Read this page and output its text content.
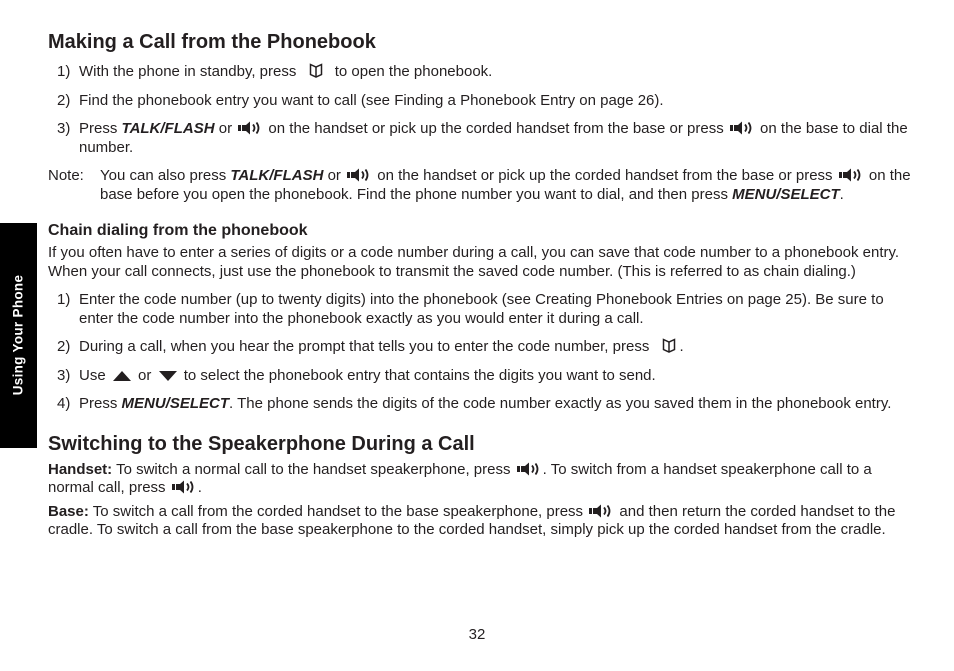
Using Your Phone
Making a Call from the Phonebook
1) With the phone in standby, press	to open the phonebook.
2) Find the phonebook entry you want to call (see Finding a Phonebook Entry on page 26).
3) Press TALK/FLASH or on the handset or pick up the corded handset from the base or press on the base to dial the number.
Note: You can also press TALK/FLASH or on the handset or pick up the corded handset from the base or press on the base before you open the phonebook. Find the phone number you want to dial, and then press MENU/SELECT.
Chain dialing from the phonebook
If you often have to enter a series of digits or a code number during a call, you can save that code number to a phonebook entry. When your call connects, just use the phonebook to transmit the saved code number. (This is referred to as chain dialing.)
1) Enter the code number (up to twenty digits) into the phonebook (see Creating Phonebook Entries on page 25). Be sure to enter the code number into the phonebook exactly as you would enter it during a call.
2) During a call, when you hear the prompt that tells you to enter the code number, press .
3) Use or to select the phonebook entry that contains the digits you want to send.
4) Press MENU/SELECT. The phone sends the digits of the code number exactly as you saved them in the phonebook entry.
Switching to the Speakerphone During a Call
Handset: To switch a normal call to the handset speakerphone, press . To switch from a handset speakerphone call to a normal call, press .
Base: To switch a call from the corded handset to the base speakerphone, press and then return the corded handset to the cradle. To switch a call from the base speakerphone to the corded handset, simply pick up the corded handset from the cradle.
32
